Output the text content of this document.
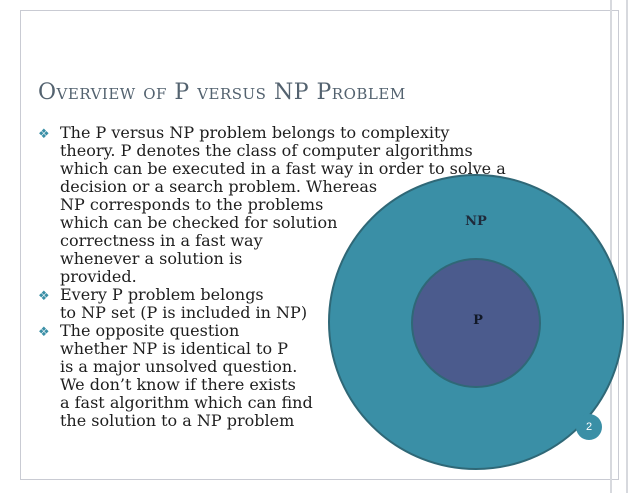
Overview of P versus NP Problem
NP
P
❖ The P versus NP problem belongs to complexity
theory. P denotes the class of computer algorithms
which can be executed in a fast way in order to solve a
decision or a search problem. Whereas
NP corresponds to the problems
which can be checked for solution
correctness in a fast way
whenever a solution is
provided.
❖ Every P problem belongs
to NP set (P is included in NP)
❖ The opposite question
whether NP is identical to P
is a major unsolved question.
We don’t know if there exists
a fast algorithm which can find
the solution to a NP problem	2
